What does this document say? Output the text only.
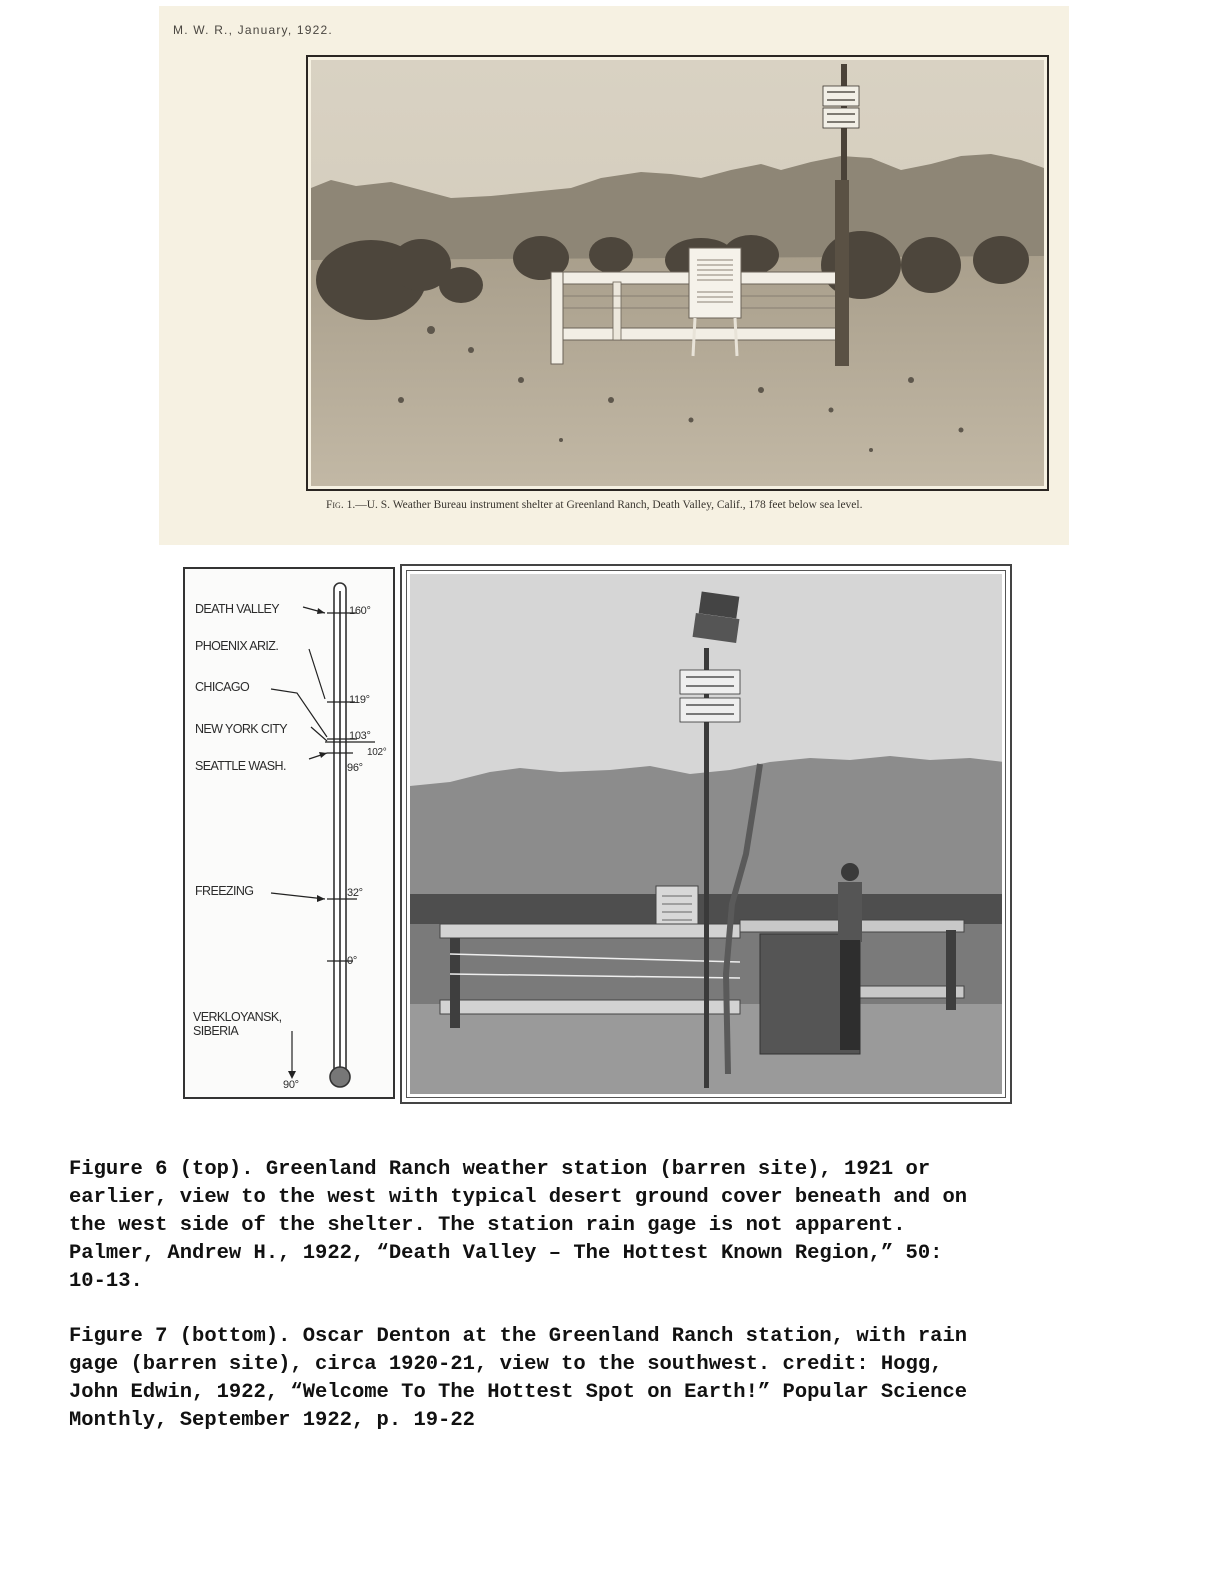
M. W. R., January, 1922.
Fig. 1.—U. S. Weather Bureau instrument shelter at Greenland Ranch, Death Valley, Calif., 178 feet below sea level.
DEATH VALLEY	160°
PHOENIX ARIZ.
119°
CHICAGO
103°
NEW YORK CITY
102°
SEATTLE WASH.	96°
FREEZING	32°
0°
VERKLOYANSK,
SIBERIA
90°
Figure 6 (top). Greenland Ranch weather station (barren site), 1921 or
earlier, view to the west with typical desert ground cover beneath and on
the west side of the shelter. The station rain gage is not apparent.
Palmer, Andrew H., 1922, “Death Valley – The Hottest Known Region,” 50:
10-13.
Figure 7 (bottom). Oscar Denton at the Greenland Ranch station, with rain
gage (barren site), circa 1920-21, view to the southwest. credit: Hogg,
John Edwin, 1922, “Welcome To The Hottest Spot on Earth!” Popular Science
Monthly, September 1922, p. 19-22
